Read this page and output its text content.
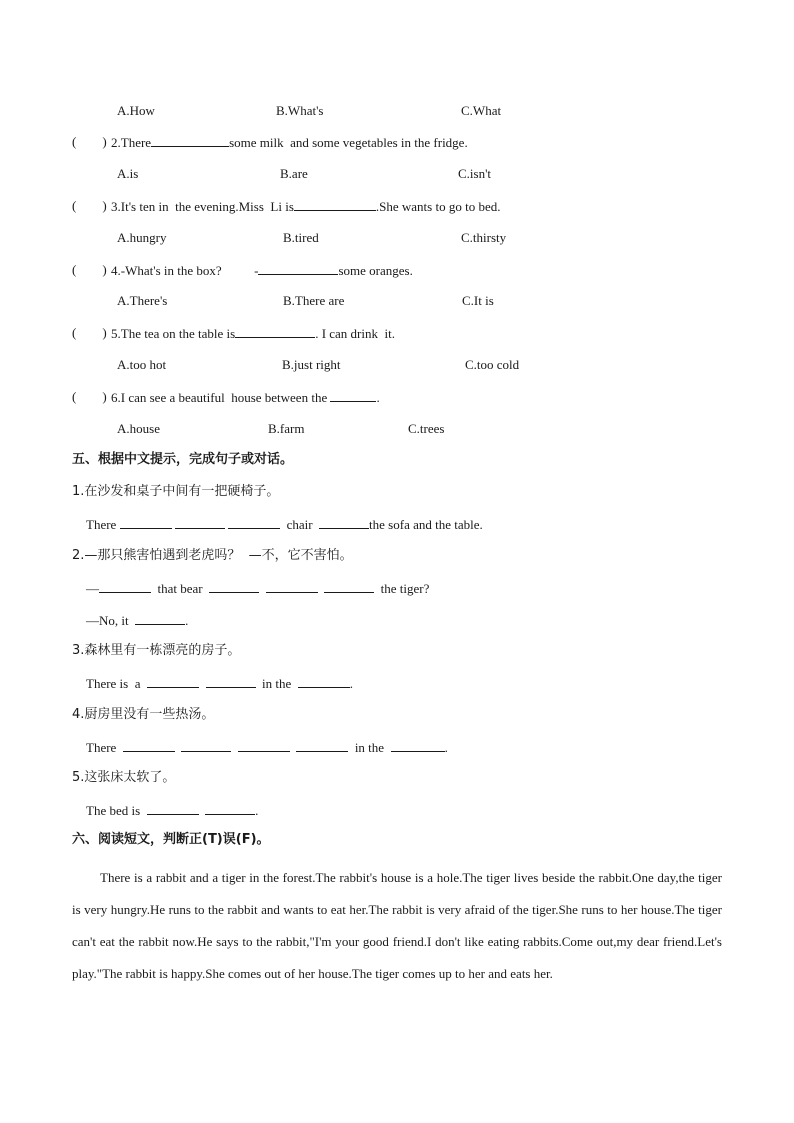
A.How	B.What's	C.What
(        ) 2.There	some milk  and some vegetables in the fridge.
A.is	B.are	C.isn't
(        ) 3.It's ten in  the evening.Miss  Li is	.She wants to go to bed.
A.hungry	B.tired	C.thirsty
(        ) 4.-What's in the box?          -	some oranges.
A.There's	B.There are	C.It is
(        ) 5.The tea on the table is	. I can drink  it.
A.too hot	B.just right	C.too cold
(        ) 6.I can see a beautiful  house between the	.
A.house	B.farm	C.trees
五、根据中文提示，完成句子或对话。
1.在沙发和桌子中间有一把硬椅子。
There	chair	the sofa and the table.
2.—那只熊害怕遇到老虎吗？  —不，它不害怕。
—	that bear	the tiger?
—No, it	.
3.森林里有一栋漂亮的房子。
There is  a	in the	.
4.厨房里没有一些热汤。
There	in the	.
5.这张床太软了。
The bed is	.
六、阅读短文，判断正(T)误(F)。
There is a rabbit and a tiger in the forest.The rabbit's house is a hole.The tiger lives beside the rabbit.One day,the tiger is very hungry.He runs to the rabbit and wants to eat her.The rabbit is very afraid of the tiger.She runs to her house.The tiger can't eat the rabbit now.He says to the rabbit,"I'm your good friend.I don't like eating rabbits.Come out,my dear friend.Let's play."The rabbit is happy.She comes out of her house.The tiger comes up to her and eats her.
